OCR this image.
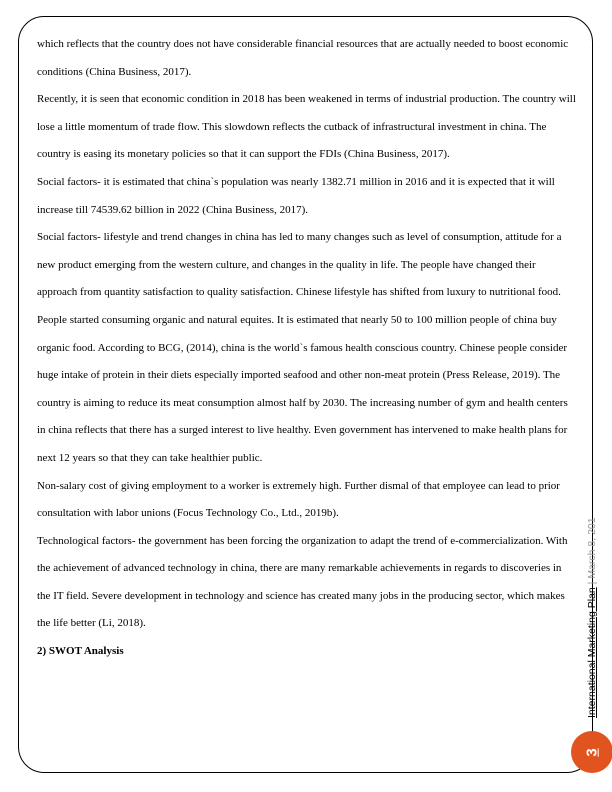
which reflects that the country does not have considerable financial resources that are actually needed to boost economic conditions (China Business, 2017).

Recently, it is seen that economic condition in 2018 has been weakened in terms of industrial production. The country will lose a little momentum of trade flow. This slowdown reflects the cutback of infrastructural investment in china. The country is easing its monetary policies so that it can support the FDIs (China Business, 2017).

Social factors- it is estimated that china`s population was nearly 1382.71 million in 2016 and it is expected that it will increase till 74539.62 billion in 2022 (China Business, 2017).

Social factors- lifestyle and trend changes in china has led to many changes such as level of consumption, attitude for a new product emerging from the western culture, and changes in the quality in life. The people have changed their approach from quantity satisfaction to quality satisfaction. Chinese lifestyle has shifted from luxury to nutritional food. People started consuming organic and natural equites. It is estimated that nearly 50 to 100 million people of china buy organic food. According to BCG, (2014), china is the world`s famous health conscious country. Chinese people consider huge intake of protein in their diets especially imported seafood and other non-meat protein (Press Release, 2019). The country is aiming to reduce its meat consumption almost half by 2030. The increasing number of gym and health centers in china reflects that there has a surged interest to live healthy. Even government has intervened to make health plans for next 12 years so that they can take healthier public.

Non-salary cost of giving employment to a worker is extremely high. Further dismal of that employee can lead to prior consultation with labor unions (Focus Technology Co., Ltd., 2019b).

Technological factors- the government has been forcing the organization to adapt the trend of e-commercialization. With the achievement of advanced technology in china, there are many remarkable achievements in regards to discoveries in the IT field. Severe development in technology and science has created many jobs in the producing sector, which makes the life better (Li, 2018).

2) SWOT Analysis	International Marketing Plan | March 8, 201
3
